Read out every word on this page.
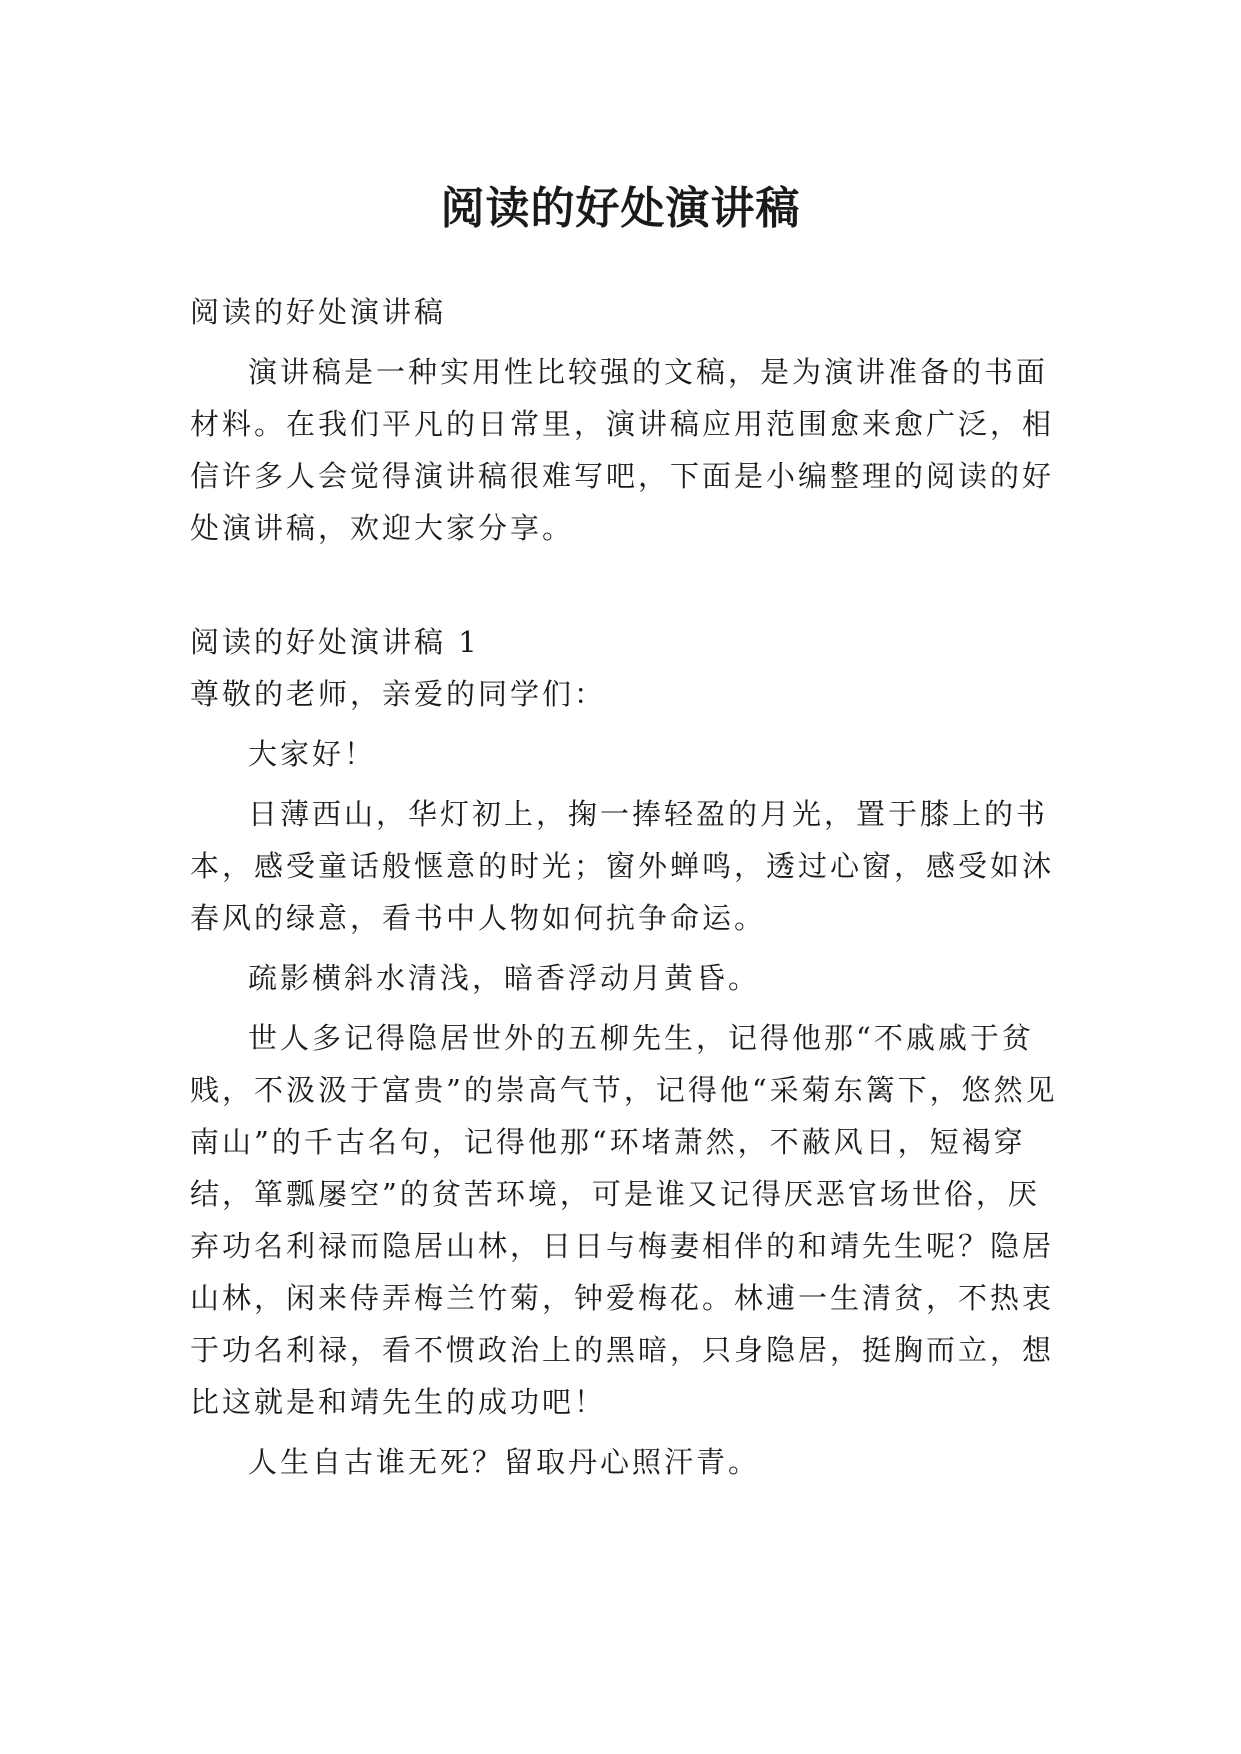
阅读的好处演讲稿

阅读的好处演讲稿

演讲稿是一种实用性比较强的文稿，是为演讲准备的书面材料。在我们平凡的日常里，演讲稿应用范围愈来愈广泛，相信许多人会觉得演讲稿很难写吧，下面是小编整理的阅读的好处演讲稿，欢迎大家分享。

阅读的好处演讲稿 1

尊敬的老师，亲爱的同学们：

大家好！

日薄西山，华灯初上，掬一捧轻盈的月光，置于膝上的书本，感受童话般惬意的时光；窗外蝉鸣，透过心窗，感受如沐春风的绿意，看书中人物如何抗争命运。

疏影横斜水清浅，暗香浮动月黄昏。

世人多记得隐居世外的五柳先生，记得他那“不戚戚于贫贱，不汲汲于富贵”的崇高气节，记得他“采菊东篱下，悠然见南山”的千古名句，记得他那“环堵萧然，不蔽风日，短褐穿结，箪瓢屡空”的贫苦环境，可是谁又记得厌恶官场世俗，厌弃功名利禄而隐居山林，日日与梅妻相伴的和靖先生呢？隐居山林，闲来侍弄梅兰竹菊，钟爱梅花。林逋一生清贫，不热衷于功名利禄，看不惯政治上的黑暗，只身隐居，挺胸而立，想比这就是和靖先生的成功吧！

人生自古谁无死？留取丹心照汗青。
